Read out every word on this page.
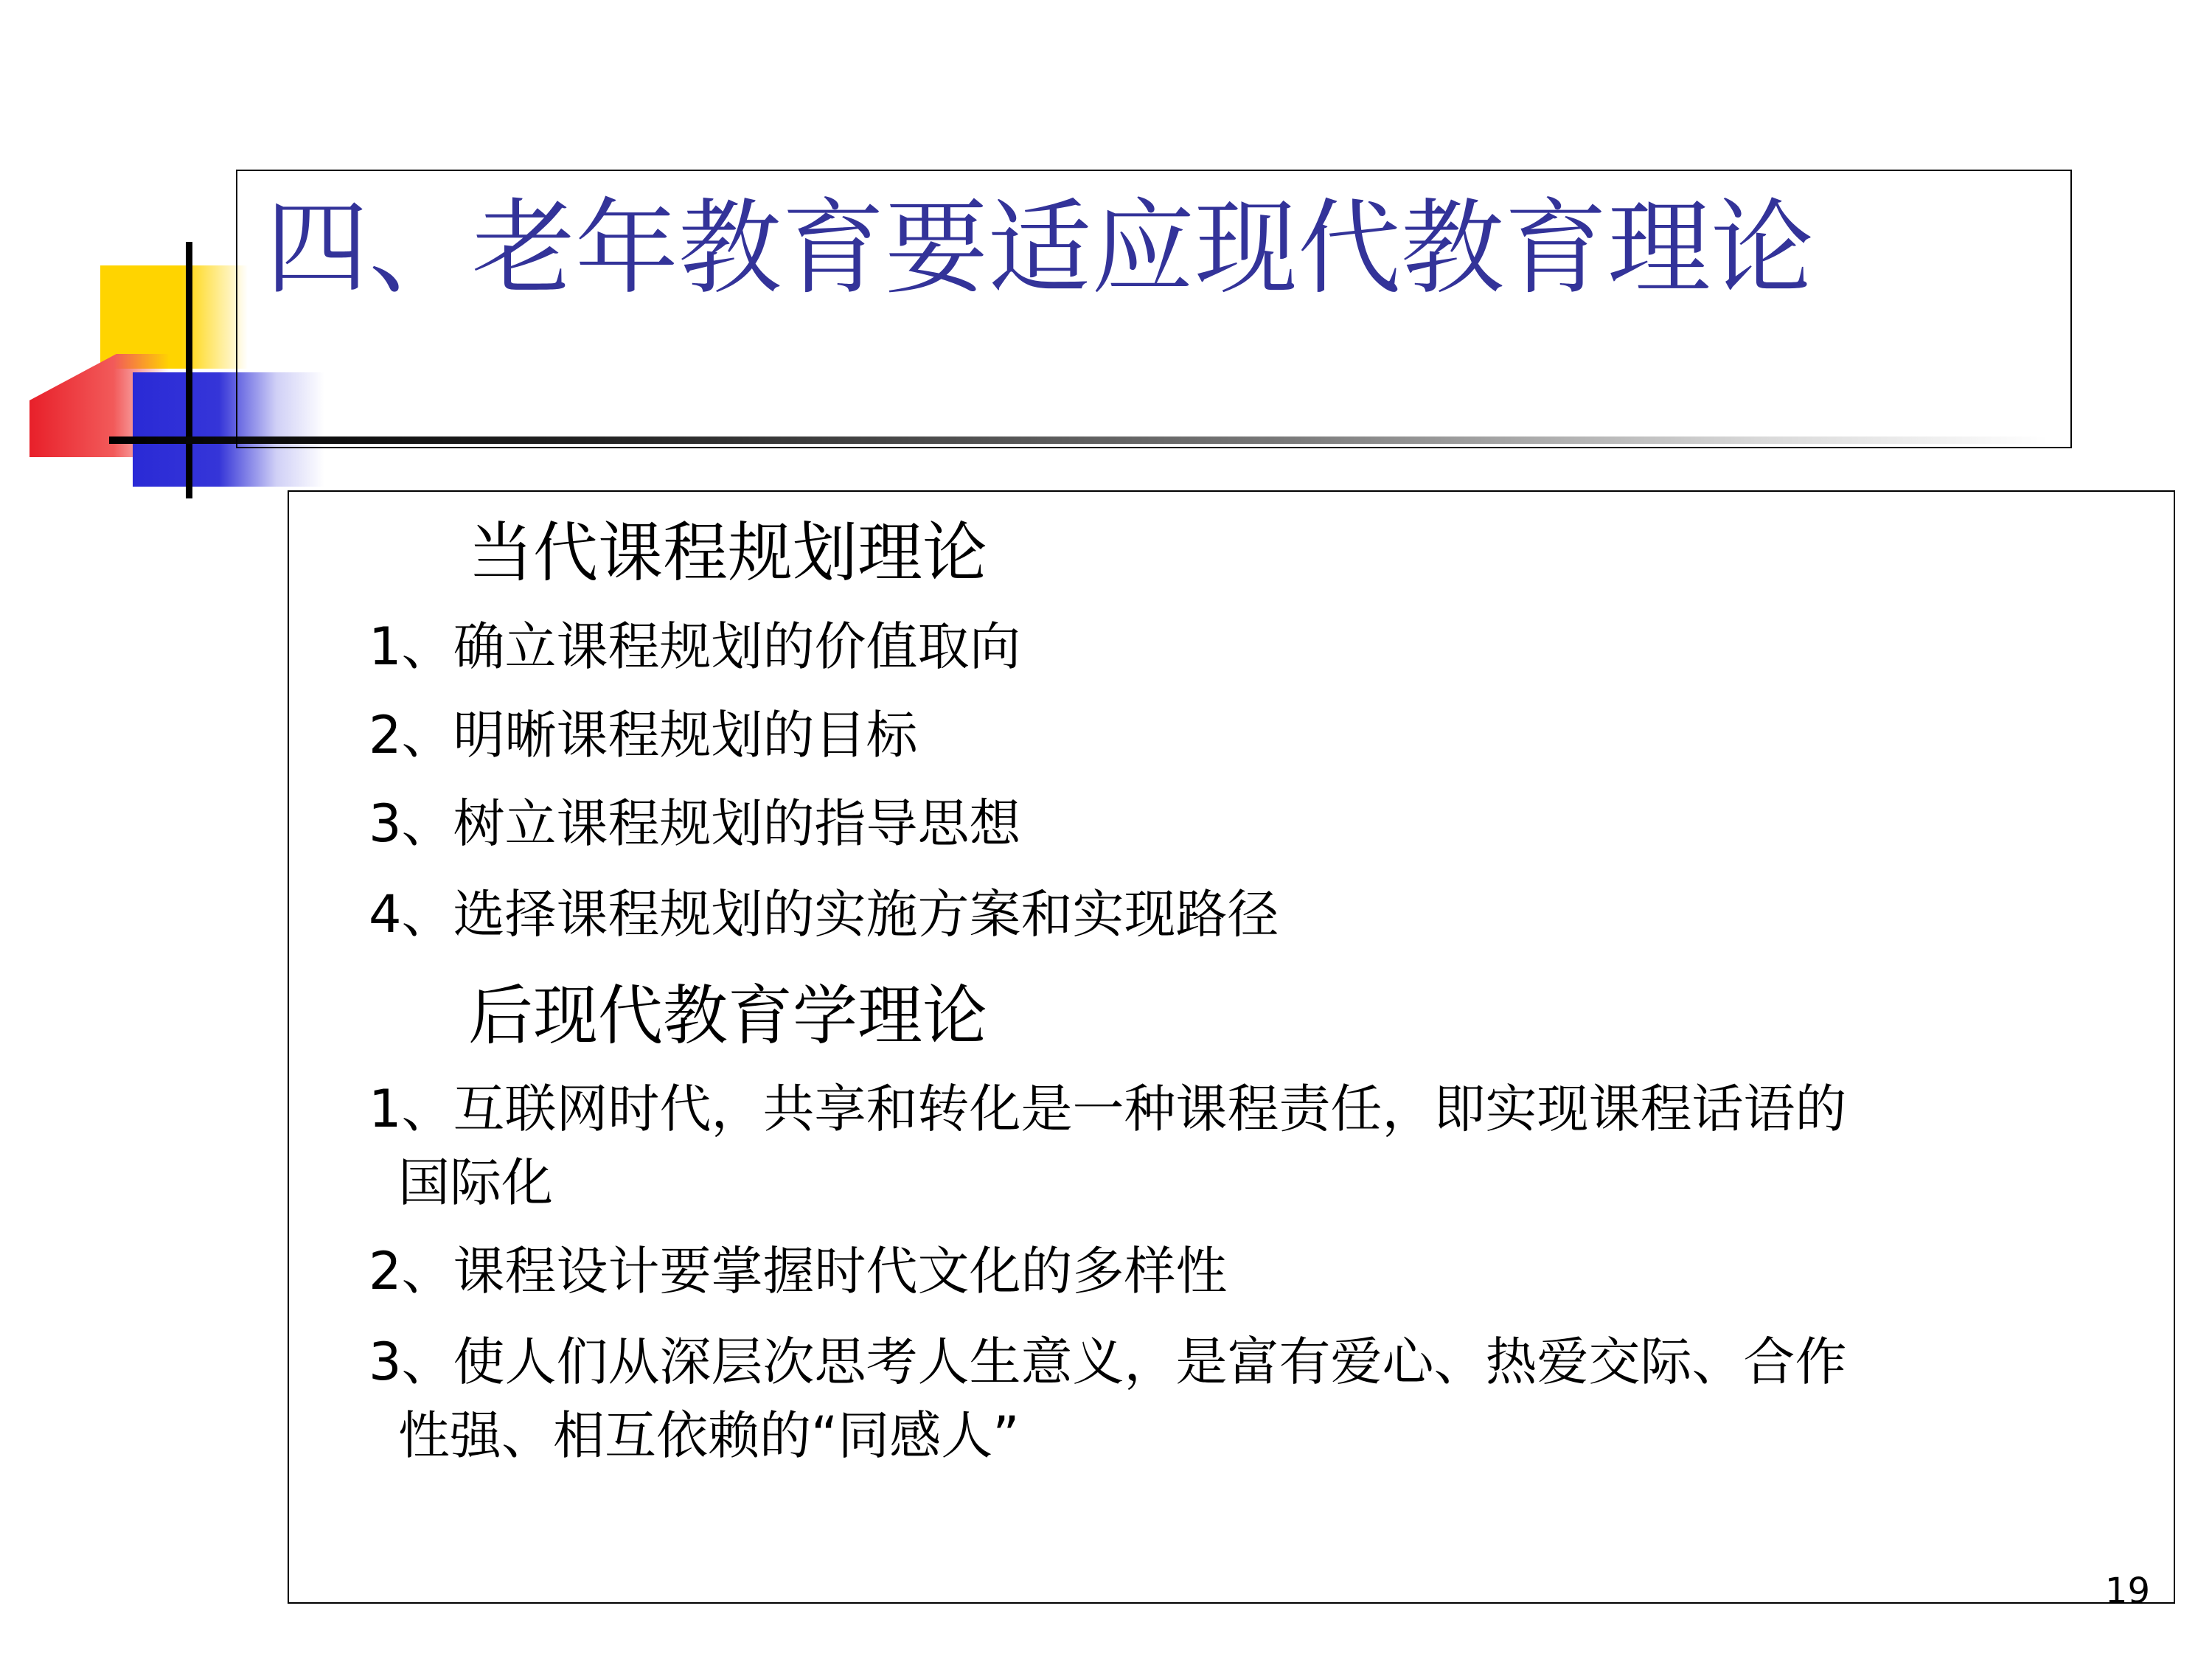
四、老年教育要适应现代教育理论

当代课程规划理论

1、确立课程规划的价值取向

2、明晰课程规划的目标

3、树立课程规划的指导思想

4、选择课程规划的实施方案和实现路径

后现代教育学理论

1、互联网时代，共享和转化是一种课程责任，即实现课程话语的

国际化

2、课程设计要掌握时代文化的多样性

3、使人们从深层次思考人生意义，是富有爱心、热爱交际、合作

性强、相互依赖的“同感人”

19
